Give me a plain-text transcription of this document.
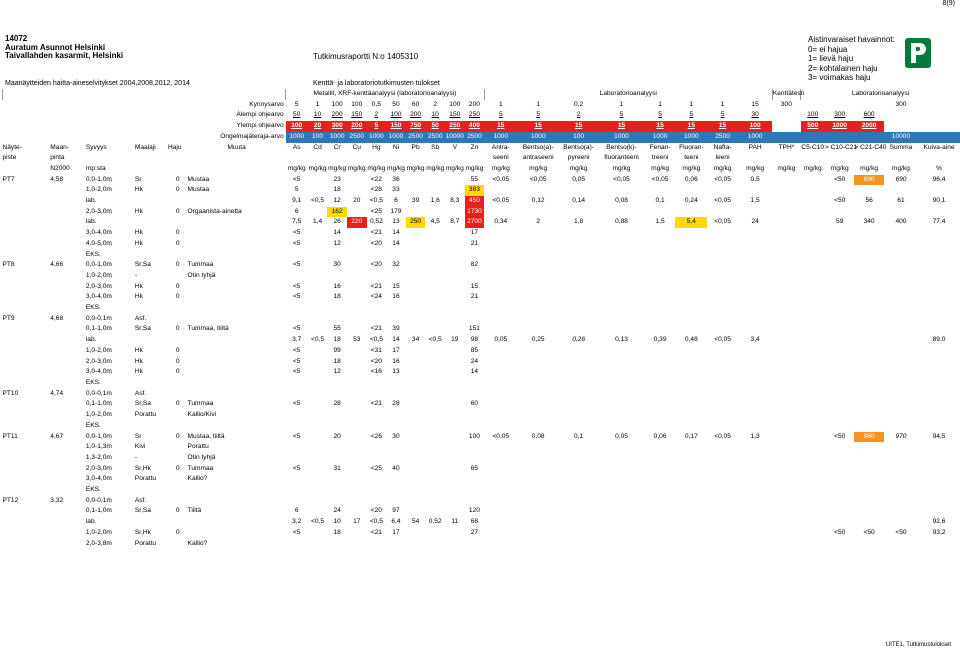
8(9)
14072
Auratum Asunnot Helsinki
Taivallahden kasarmit, Helsinki	Tutkimusraportti N:o 1405310
Aistinvaraiset havainnot:
0= ei hajua
1= lievä haju
2= kohtalainen haju
3= voimakas haju
Maanäytteiden haitta-aineselvitykset 2004,2008,2012, 2014	Kenttä- ja laboratoriotutkimusten tulokset
						Metallit, XRF-kenttäanalyysi (laboratorioanalyysi)										Laboratorioanalyysi								Kenttätesti	Laboratorioanalyysi				
Kynnysarvo						5	1	100	100	0,5	50	60	2	100	200	1	1	0,2	1	1	1	1	15	300				300	
Alempi ohjearvo						50	10	200	150	2	100	200	10	150	250	5	5	2	5	5	5	5	30		100	300	600		
Ylempi ohjearvo						100	20	300	200	5	150	750	50	250	400	15	15	15	15	15	15	15	100		500	1000	2000		
Ongelmajäteraja-arvo						1000	100	1000	2500	1000	1000	2500	2500	10000	2500	1000	1000	100	1000	1000	1000	2500	1000					10000	
Näyte-	Maan-	Syvyys	Maalaji	Haju	Muuta	As	Cd	Cr	Cu	Hg	Ni	Pb	Sb	V	Zn	Antra-	Bentso(a)-	Bentso(a)-	Bentso(k)-	Fenan-	Fluoran-	Nafta-	PAH	TPH*	C5-C10	> C10-C21	> C21-C40	Summa	Kuiva-aine
piste	pinta															seeni	antraseeni	pyreeni	fluoranteeni	treeni	teeni	leeni							
	N2000	mp:sta				mg/kg	mg/kg	mg/kg	mg/kg	mg/kg	mg/kg	mg/kg	mg/kg	mg/kg	mg/kg	mg/kg	mg/kg	mg/kg	mg/kg	mg/kg	mg/kg	mg/kg	mg/kg	mg/kg	mg/kg	mg/kg	mg/kg	mg/kg	%
PT7	4,58	0,0-1,0m	Sr	0	Mustaa	<5		23		<22	36				55	<0,05	<0,05	0,05	<0,05	<0,05	0,06	<0,05	0,5			<50	690	690	96,4
		1,0-2,0m	Hk	0	Mustaa	5		18		<28	33				383														
		lab.				9,1	<0,5	12	20	<0,5	6	39	1,6	8,3	450	<0,05	0,12	0,14	0,08	0,1	0,24	<0,05	1,5			<50	56	61	90,1
		2,0-3,0m	Hk	0	Orgaanista-ainetta	6		162		<25	179				1730														
		lab.				7,5	1,4	26	220	0,52	13	250	4,5	8,7	2700	0,34	2	1,8	0,88	1,5	5,4	<0,05	24			59	340	400	77,4
		3,0-4,0m	Hk	0		<5		14		<21	14				17														
		4,0-5,0m	Hk	0		<5		12		<20	14				21														
		EKS.																											
PT8	4,66	0,0-1,0m	Sr,Sa	0	Tummaa	<5		30		<20	32				82														
		1,0-2,0m	-		Otin tyhjä																								
		2,0-3,0m	Hk	0		<5		16		<21	15				15														
		3,0-4,0m	Hk	0		<5		18		<24	16				21														
		EKS.																											
PT9	4,68	0,0-0,1m	Asf.																										
		0,1-1,0m	Sr,Sa	0	Tummaa, tiiltä	<5		55		<21	39				151														
		lab.				3,7	<0,5	18	53	<0,5	14	34	<0,5	19	98	0,05	0,25	0,26	0,13	0,39	0,48	<0,05	3,4						89,0
		1,0-2,0m	Hk	0		<5		99		<31	17				85														
		2,0-3,0m	Hk	0		<5		18		<20	16				24														
		3,0-4,0m	Hk	0		<5		12		<16	13				14														
		EKS.																											
PT10	4,74	0,0-0,1m	Asf.																										
		0,1-1,0m	Sr,Sa	0	Tummaa	<5		28		<21	28				60														
		1,0-2,0m	Porattu		Kallio/Kivi																								
		EKS.																											
PT11	4,67	0,0-1,0m	Sr	0	Mustaa, tiiltä	<5		20		<26	30				100	<0,05	0,08	0,1	0,05	0,06	0,17	<0,05	1,3			<50	960	970	94,5
		1,0-1,3m	Kivi		Porattu																								
		1,3-2,0m	-		Otin tyhjä																								
		2,0-3,0m	Sr,Hk	0	Tummaa	<5		31		<25	40				65														
		3,0-4,0m	Porattu		Kallio?																								
		EKS.																											
PT12	3,32	0,0-0,1m	Asf.																										
		0,1-1,0m	Sr,Sa	0	Tiiltä	6		24		<20	97				120														
		lab.				3,2	<0,5	10	17	<0,5	6,4	54	0,52	11	68														92,6
		1,0-2,0m	Sr,Hk	0		<5		18		<21	17				27											<50	<50	<50	93,2
		2,0-3,8m	Porattu		Kallio?																								
UITE1, Tutkimustulokset
